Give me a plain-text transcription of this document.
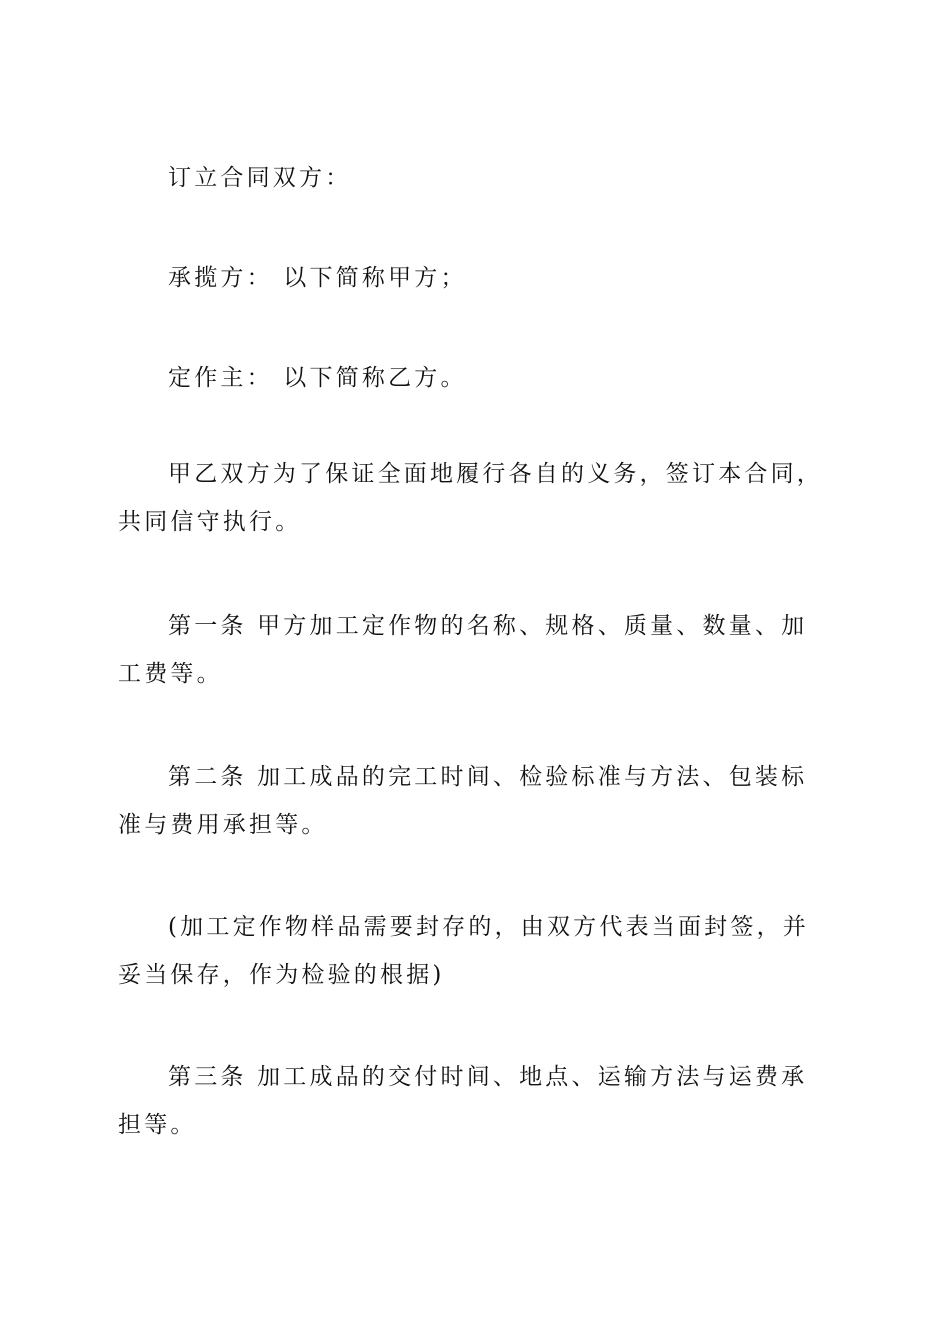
订立合同双方：

承揽方： 以下简称甲方；

定作主： 以下简称乙方。

甲乙双方为了保证全面地履行各自的义务，签订本合同，共同信守执行。

第一条 甲方加工定作物的名称、规格、质量、数量、加工费等。

第二条 加工成品的完工时间、检验标准与方法、包装标准与费用承担等。

(加工定作物样品需要封存的，由双方代表当面封签，并妥当保存，作为检验的根据)

第三条 加工成品的交付时间、地点、运输方法与运费承担等。
